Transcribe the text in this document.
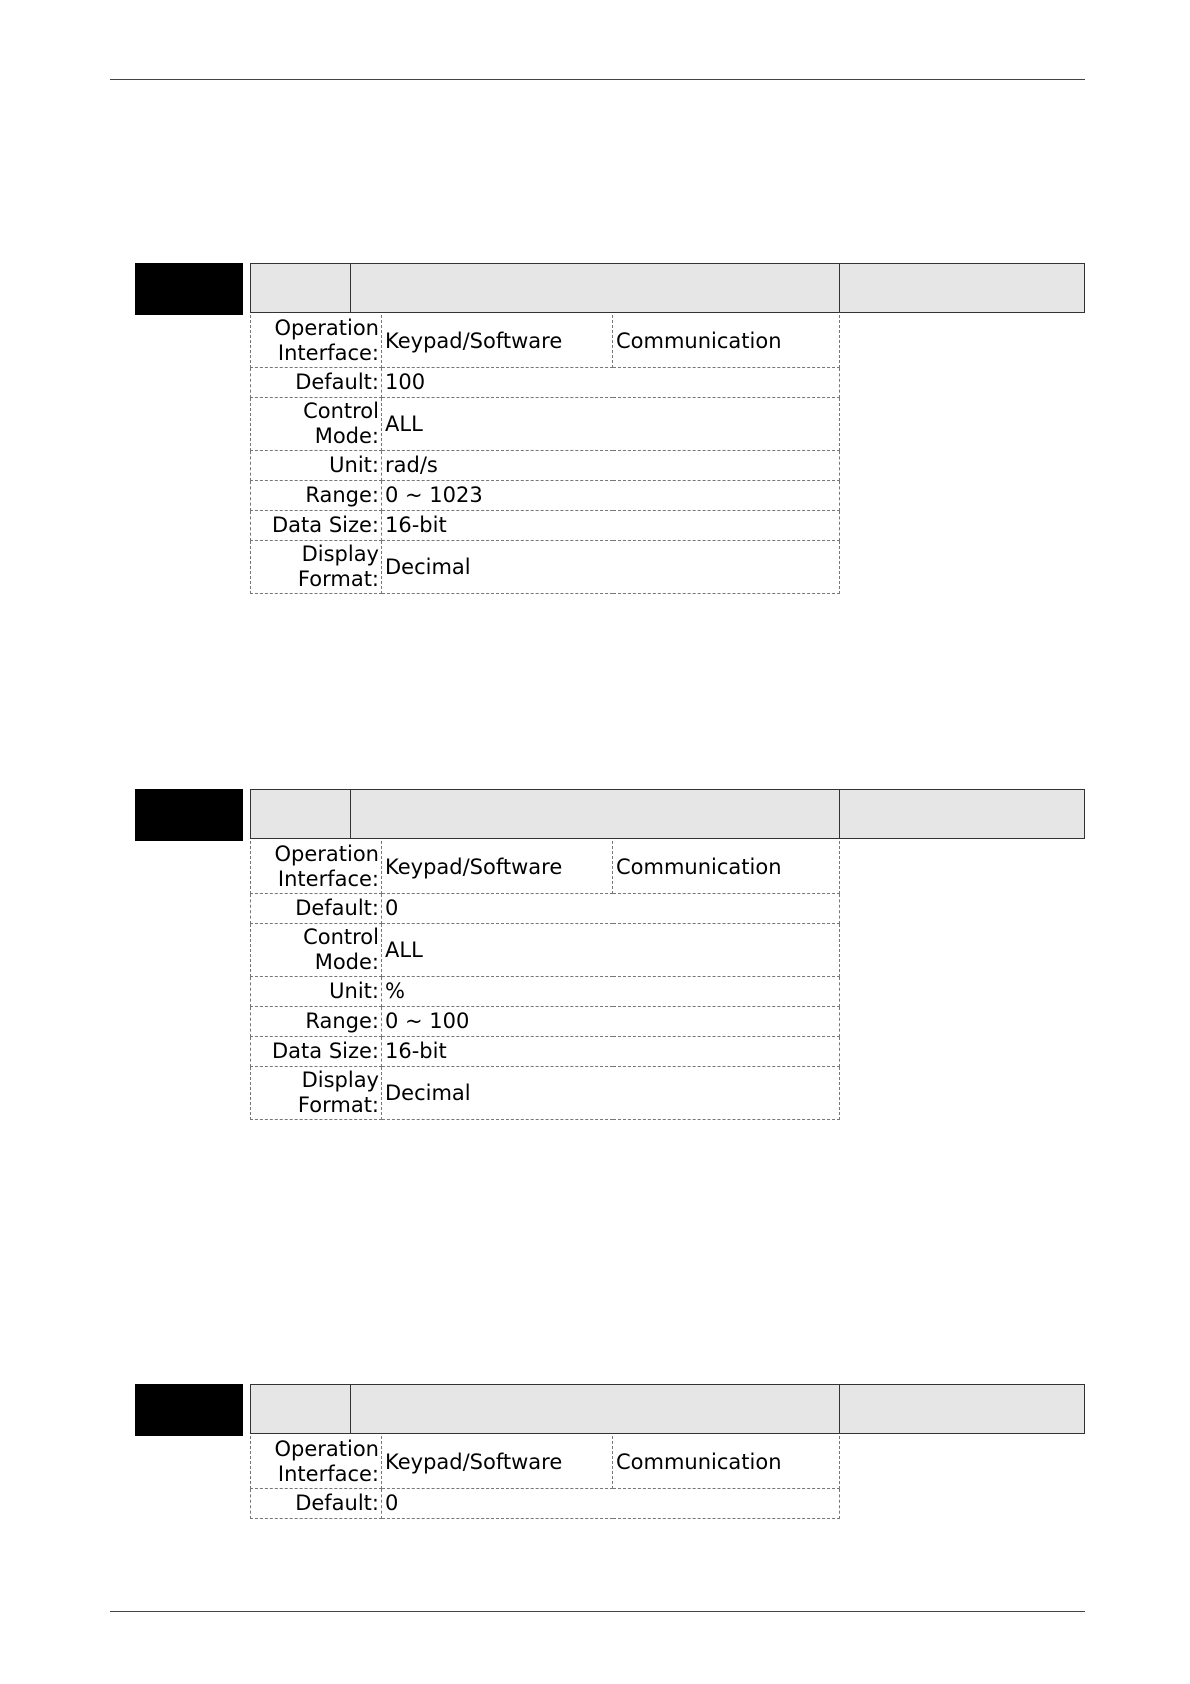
Operation
Interface:	Keypad/Software	Communication
Default:	100	
Control
Mode:	ALL	
Unit:	rad/s	
Range:	0 ~ 1023	
Data Size:	16-bit	
Display
Format:	Decimal	
Operation
Interface:	Keypad/Software	Communication
Default:	0	
Control
Mode:	ALL	
Unit:	%	
Range:	0 ~ 100	
Data Size:	16-bit	
Display
Format:	Decimal	
Operation
Interface:	Keypad/Software	Communication
Default:	0	
